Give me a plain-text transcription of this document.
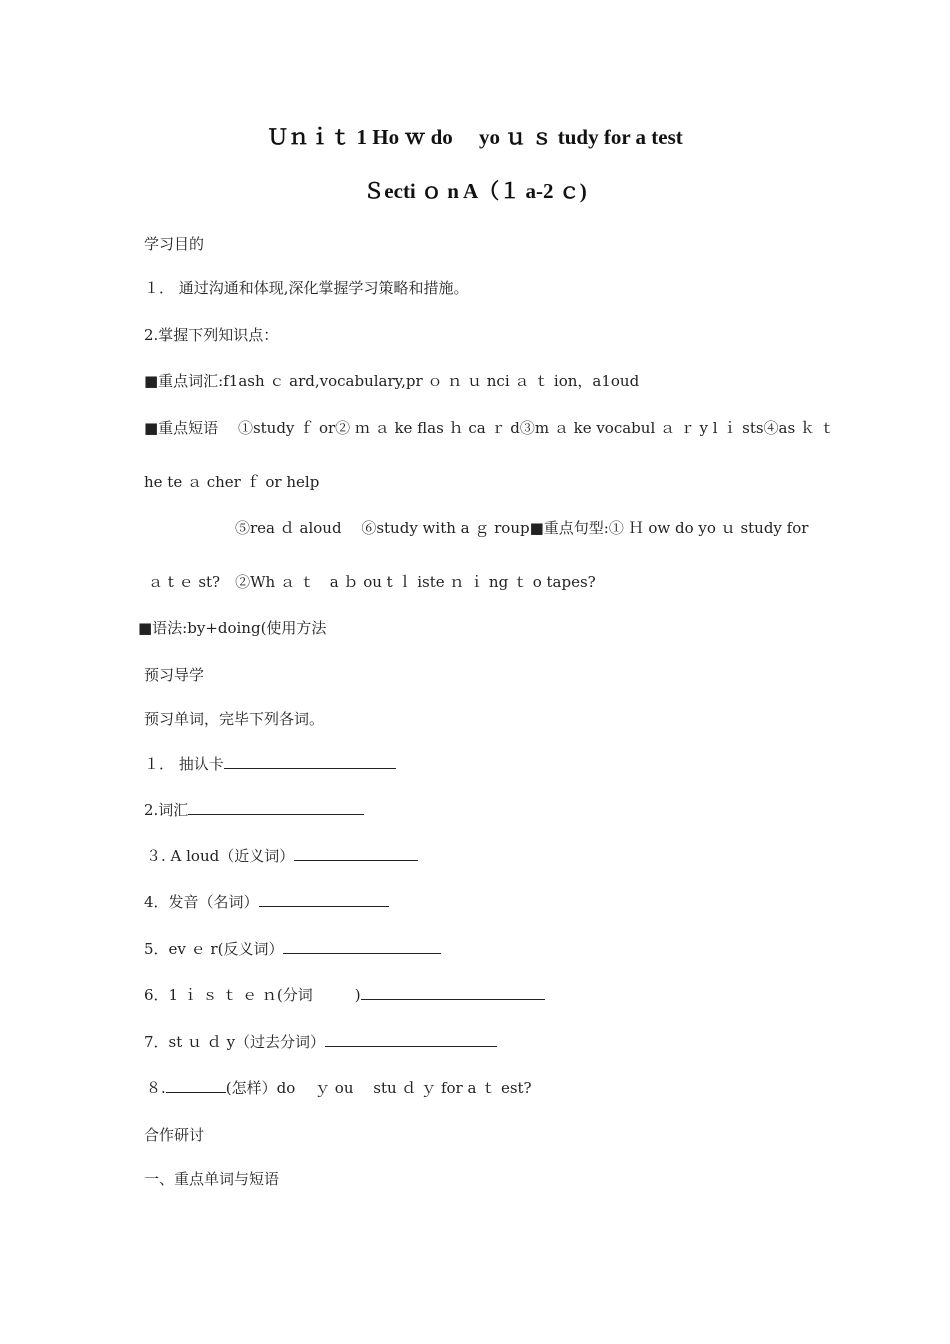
Ｕｎｉｔ 1 Ho ｗ do　 yo ｕ ｓ tudy for a test
Ｓecti ｏ n A（１ a-2 ｃ)
学习目的
１． 通过沟通和体现,深化掌握学习策略和措施。
2.掌握下列知识点：
■重点词汇:f1ash ｃ ard,vocabulary,pr ｏ ｎ ｕ nci ａ ｔ ion，a1oud
■重点短语　 ①study ｆ or② ｍ ａ ke flas ｈ ca ｒ d③m ａ ke vocabul ａ ｒ y l ｉ sts④as ｋ ｔ
he te ａ cher ｆ or help
⑤rea ｄ aloud　 ⑥study with a ｇ roup■重点句型:① Ｈ ow do yo ｕ study for
ａ t ｅ st?　②Wh ａ ｔ　a ｂ ou t ｌ iste ｎ ｉ ng ｔ o tapes?
■语法:by+doing(使用方法
预习导学
预习单词，完毕下列各词。
１． 抽认卡
2.词汇
３. A loud（近义词）
4．发音（名词）
5．ev ｅ r(反义词）
6．1 ｉ ｓ ｔ ｅ ｎ(分词	)
7．st ｕ ｄ y（过去分词）
８.	(怎样）do　 ｙ ou　 stu ｄ ｙ for a ｔ est?
合作研讨
一、重点单词与短语
